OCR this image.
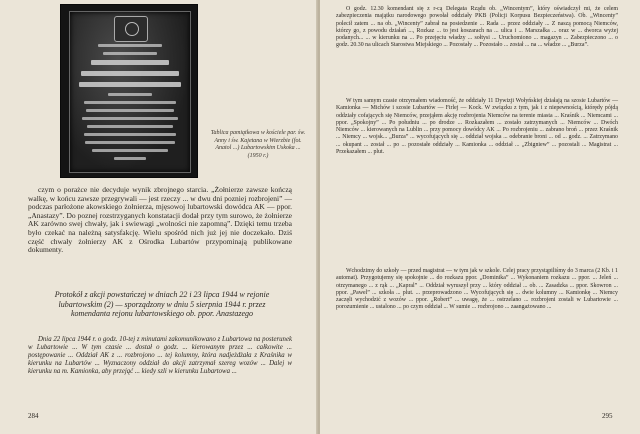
Tablica pamiątkowa w kościele par. św. Anny i św. Kajetana w Wierzbie (fot. Anatol ...) Lubartowskim Uskoka ... (1950 r.)

czym o porażce nie decyduje wynik zbrojnego starcia. „Żołnierze zawsze kończą walkę, w końcu zawsze przegrywali — jest rzeczy ... w dwu dni pozniej rozbrojeni” — podczas parłożone akowskiego żołnierza, mjęsowoj lubartowski dowódca AK — ppor. „Anastazy”. Do poznej rozstrzyganych konstatacji dodał przy tym surowo, że żołnierze AK zarówno swej chwały, jak i swiewagi „wolności nie zapomną”. Dzięki temu trzeba było czekać na należną satysfakcję. Wielu spośród nich już jej nie doczekało. Dziś część chwały żołnierzy AK z Ośrodka Lubartów przypominają publikowane dokumenty.

Protokół z akcji powstańczej w dniach 22 i 23 lipca 1944 w rejonie lubartowskim (2) — sporządzony w dniu 5 sierpnia 1944 r. przez komendanta rejonu lubartowskiego ob. ppor. Anastazego

Dnia 22 lipca 1944 r. o godz. 10-tej z minutami zakomunikowano z Lubartowa na posterunek w Lubartowie ... W tym czasie ... dostał o godz. ... kierowanym przez ... całkowite ... postępowanie ... Oddział AK z ... rozbrojono ... tej kolumny, która nadjeżdżała z Kraśnika w kierunku na Lubartów ... Wyznaczony oddział do akcji zatrzymał szereg wozów ... Dalej w kierunku na m. Kamionka, aby przejąć ... kiedy szli w kierunku Lubartowa ...

284

O godz. 12.30 komendant się z r-cą Delegata Rządu ob. „Wincentym”, który oświadczył mi, że celem zabezpieczenia majątku narodowego powołał oddziały PKB (Policji Korpusu Bezpieczeństwa). Ob. „Wincenty” polecił zatem ... na ob. „Wincenty” zabrał na posiedzenie ... Rada ... przez oddziały ... Z naszą pomocą Niemców, którzy go, z powodu działań ..., Rozkaz ... to jest koszarach na ... ulica i ... Marszałka ... oraz w ... dworca wyżej podanych... ... w kierunku na ... Po przejęciu władzy ... sołtysi ... Uruchomiono ... magazyn ... Zabezpieczono ... o godz. 20.30 na ulicach Starostwa Miejskiego ... Pozostały ... Pozostało ... został ... na ... władze ... „Burza”.

W tym samym czasie otrzymałem wiadomość, że oddziały 11 Dywizji Wołyńskiej działają na szosie Lubartów — Kamionka — Michów i szosie Lubartów — Firlej — Kock. W związku z tym, jak i z niepewnością, którędy pójdą oddziały cofających się Niemców, przejąłem akcję rozbrojenia Niemców na terenie miasta ... Kraśnik ... Niemcami ... ppor. „Spokojny” ... Po południu ... po drodze ... Rozkazałem ... zostało zatrzymanych ... Niemców ... Dwóch Niemców ... kierowanych na Lublin ... przy pomocy dowódcy AK ... Po rozbrojeniu ... zabrano broń ... przez Kraśnik ... Niemcy ... wojsk... „Burza” ... wycofujących się ... oddział wojska ... odebranie broni ... od ... godz. ... Zatrzymano ... okupant ... został ... po ... pozostałe oddziały ... Kamionka ... oddział ... „Zbigniew” ... pozostali ... Magistrat ... Przekazałem ... plut.

Wchodzimy do szkoły — przed magistrat — w tym jak w szkole. Celej pracy przystąpiliśmy do 3 marca (2 Kb. i 1 automat). Przygotujemy się spokojnie ... do rozkazu ppor. „Dominika” ... Wykonaniem rozkazu ... ppor. ... Jeleń ... otrzymanego ... z rąk ... „Kapral” ... Oddział wyruszył przy ... który oddział ... ob. ... Zasadzka ... ppor. Skowron ... ppor. „Pawel” ... szkoła ... plut. ... przeprowadzono ... Wycofujących się ... dwie kolumny ... Kamionkę ... Niemcy zaczęli wychodzić z wozów ... ppor. „Robert” ... uwagę, że ... ostrzelano ... rozbrojeni zostali w Lubartowie ... porozumienie ... ustalono ... po czym oddział ... W sumie ... rozbrojono ... zaangażowano ...

295
